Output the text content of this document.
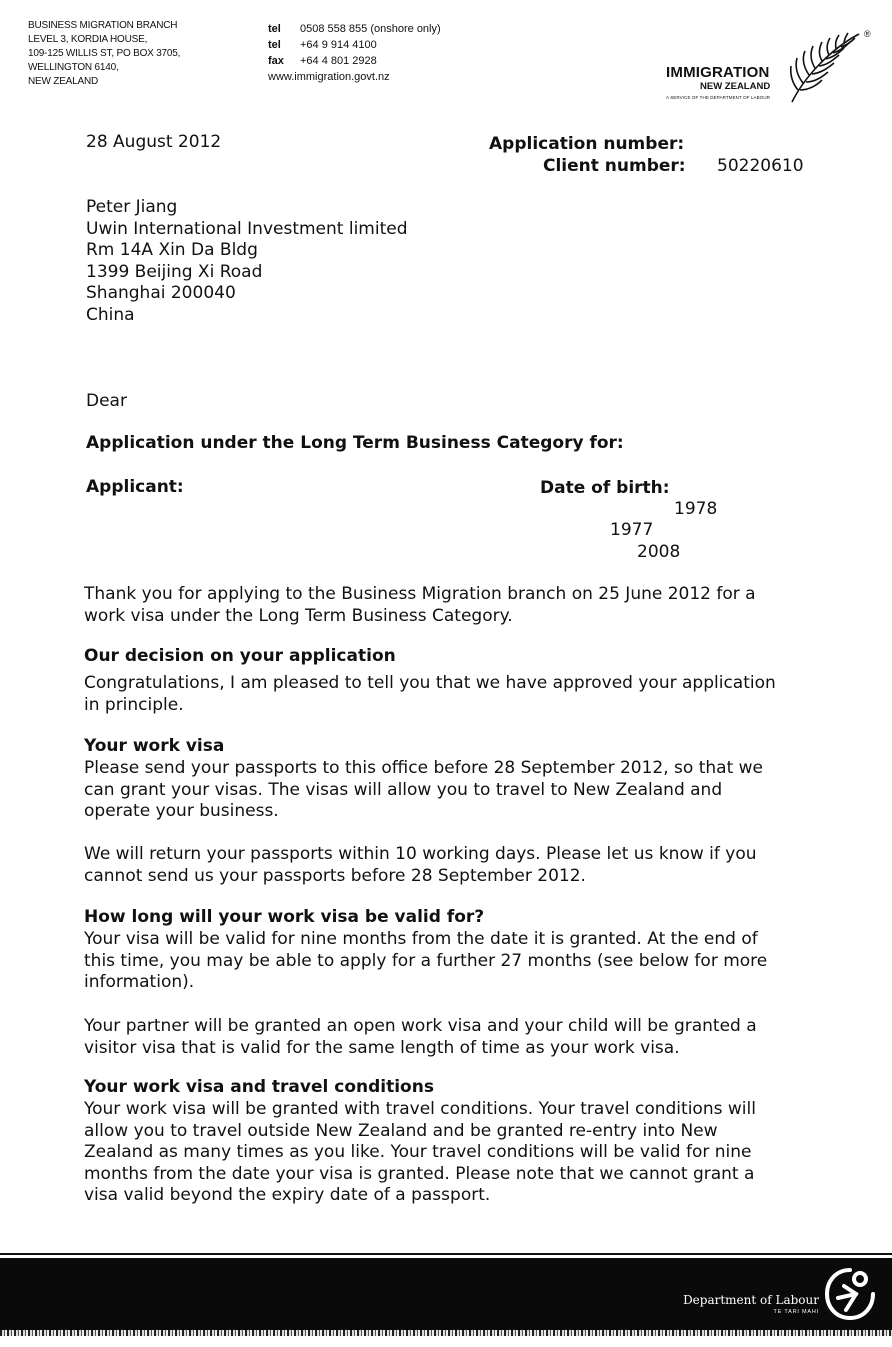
BUSINESS MIGRATION BRANCH
LEVEL 3, KORDIA HOUSE,
109-125 WILLIS ST, PO BOX 3705,
WELLINGTON 6140,
NEW ZEALAND
tel 0508 558 855 (onshore only)
tel +64 9 914 4100
fax +64 4 801 2928
www.immigration.govt.nz
®
IMMIGRATION
NEW ZEALAND
A SERVICE OF THE DEPARTMENT OF LABOUR
28 August 2012	Application number:
Client number: 50220610
Peter Jiang
Uwin International Investment limited
Rm 14A Xin Da Bldg
1399 Beijing Xi Road
Shanghai 200040
China
Dear
Application under the Long Term Business Category for:
Applicant:	Date of birth:
1978
1977
2008
Thank you for applying to the Business Migration branch on 25 June 2012 for a
work visa under the Long Term Business Category.
Our decision on your application
Congratulations, I am pleased to tell you that we have approved your application
in principle.
Your work visa
Please send your passports to this office before 28 September 2012, so that we
can grant your visas. The visas will allow you to travel to New Zealand and
operate your business.
We will return your passports within 10 working days. Please let us know if you
cannot send us your passports before 28 September 2012.
How long will your work visa be valid for?
Your visa will be valid for nine months from the date it is granted. At the end of
this time, you may be able to apply for a further 27 months (see below for more
information).
Your partner will be granted an open work visa and your child will be granted a
visitor visa that is valid for the same length of time as your work visa.
Your work visa and travel conditions
Your work visa will be granted with travel conditions. Your travel conditions will
allow you to travel outside New Zealand and be granted re-entry into New
Zealand as many times as you like. Your travel conditions will be valid for nine
months from the date your visa is granted. Please note that we cannot grant a
visa valid beyond the expiry date of a passport.
Department of Labour
TE TARI MAHI
